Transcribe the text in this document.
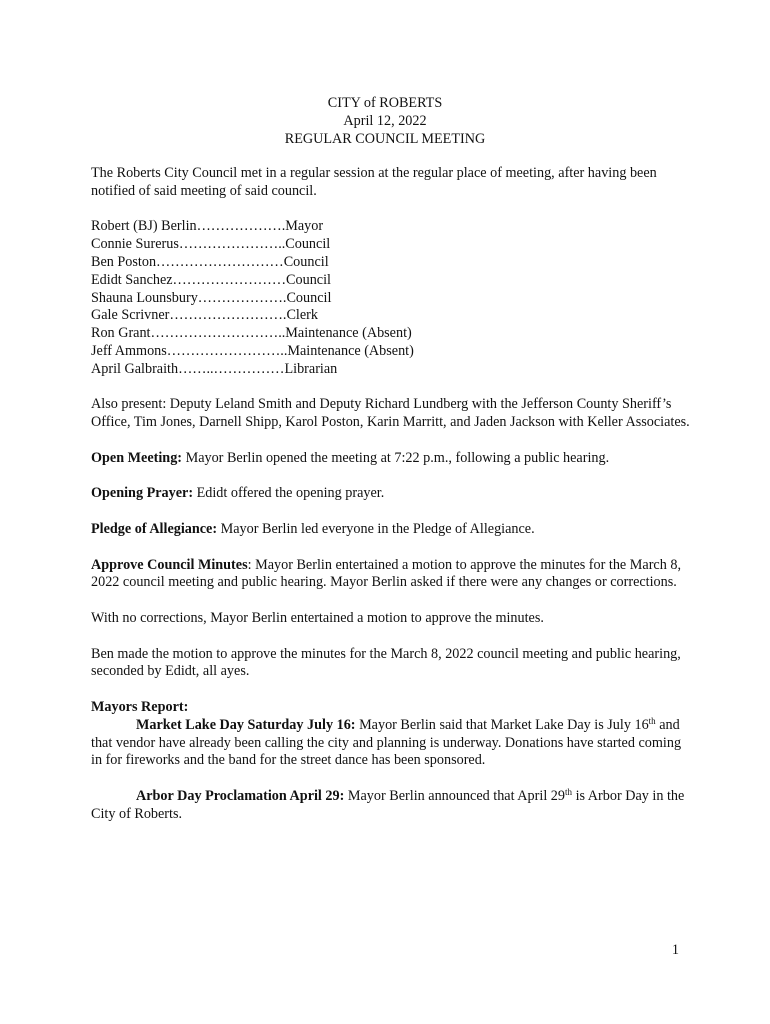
CITY of ROBERTS
April 12, 2022
REGULAR COUNCIL MEETING

The Roberts City Council met in a regular session at the regular place of meeting, after having been notified of said meeting of said council.

Robert (BJ) Berlin……………….Mayor
Connie Surerus…………………..Council
Ben Poston………………………Council
Edidt Sanchez……………………Council
Shauna Lounsbury……………….Council
Gale Scrivner…………………….Clerk
Ron Grant………………………..Maintenance (Absent)
Jeff Ammons……………………..Maintenance (Absent)
April Galbraith……..……………Librarian

Also present: Deputy Leland Smith and Deputy Richard Lundberg with the Jefferson County Sheriff’s Office, Tim Jones, Darnell Shipp, Karol Poston, Karin Marritt, and Jaden Jackson with Keller Associates.

Open Meeting: Mayor Berlin opened the meeting at 7:22 p.m., following a public hearing.

Opening Prayer: Edidt offered the opening prayer.

Pledge of Allegiance: Mayor Berlin led everyone in the Pledge of Allegiance.

Approve Council Minutes: Mayor Berlin entertained a motion to approve the minutes for the March 8, 2022 council meeting and public hearing. Mayor Berlin asked if there were any changes or corrections.

With no corrections, Mayor Berlin entertained a motion to approve the minutes.

Ben made the motion to approve the minutes for the March 8, 2022 council meeting and public hearing, seconded by Edidt, all ayes.

Mayors Report:
Market Lake Day Saturday July 16: Mayor Berlin said that Market Lake Day is July 16th and that vendor have already been calling the city and planning is underway. Donations have started coming in for fireworks and the band for the street dance has been sponsored.

Arbor Day Proclamation April 29: Mayor Berlin announced that April 29th is Arbor Day in the City of Roberts.

1
